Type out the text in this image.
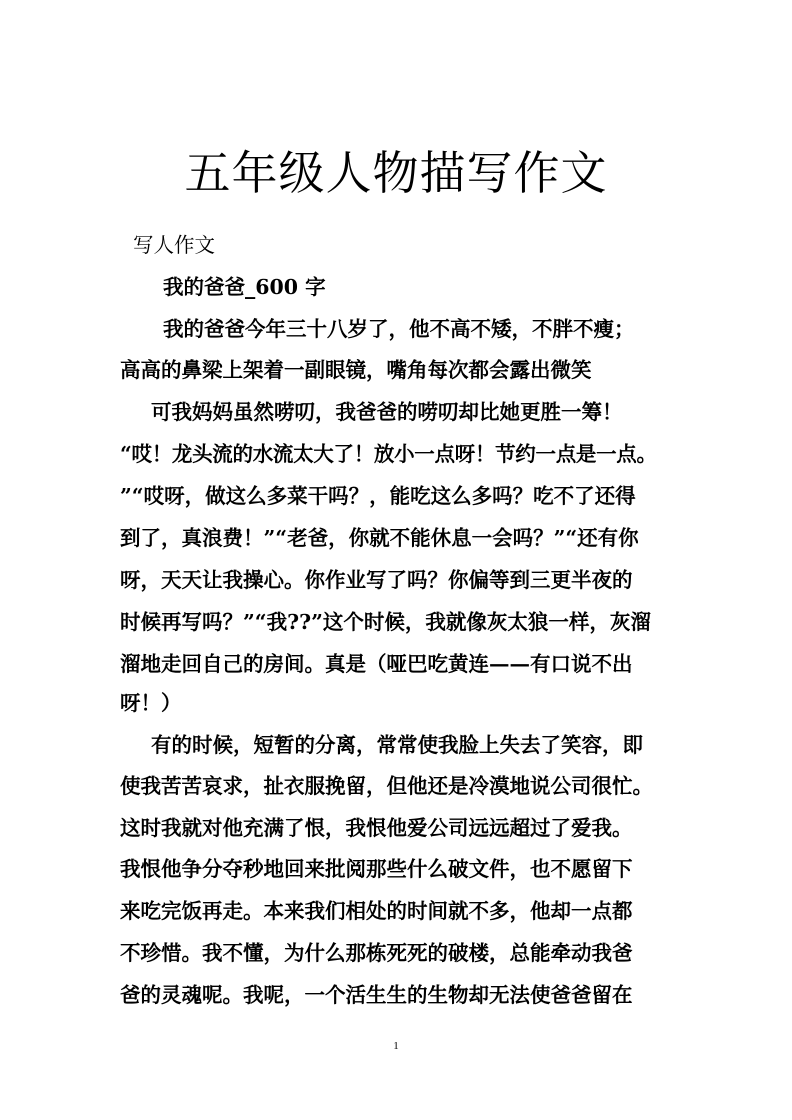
五年级人物描写作文
写人作文
我的爸爸_600 字
我的爸爸今年三十八岁了，他不高不矮，不胖不瘦；
高高的鼻梁上架着一副眼镜，嘴角每次都会露出微笑
可我妈妈虽然唠叨，我爸爸的唠叨却比她更胜一筹！
“哎！龙头流的水流太大了！放小一点呀！节约一点是一点。
”“哎呀，做这么多菜干吗？，能吃这么多吗？吃不了还得
到了，真浪费！”“老爸，你就不能休息一会吗？”“还有你
呀，天天让我操心。你作业写了吗？你偏等到三更半夜的
时候再写吗？”“我??”这个时候，我就像灰太狼一样，灰溜
溜地走回自己的房间。真是（哑巴吃黄连——有口说不出
呀！）
有的时候，短暂的分离，常常使我脸上失去了笑容，即
使我苦苦哀求，扯衣服挽留，但他还是冷漠地说公司很忙。
这时我就对他充满了恨，我恨他爱公司远远超过了爱我。
我恨他争分夺秒地回来批阅那些什么破文件，也不愿留下
来吃完饭再走。本来我们相处的时间就不多，他却一点都
不珍惜。我不懂，为什么那栋死死的破楼，总能牵动我爸
爸的灵魂呢。我呢，一个活生生的生物却无法使爸爸留在
1
